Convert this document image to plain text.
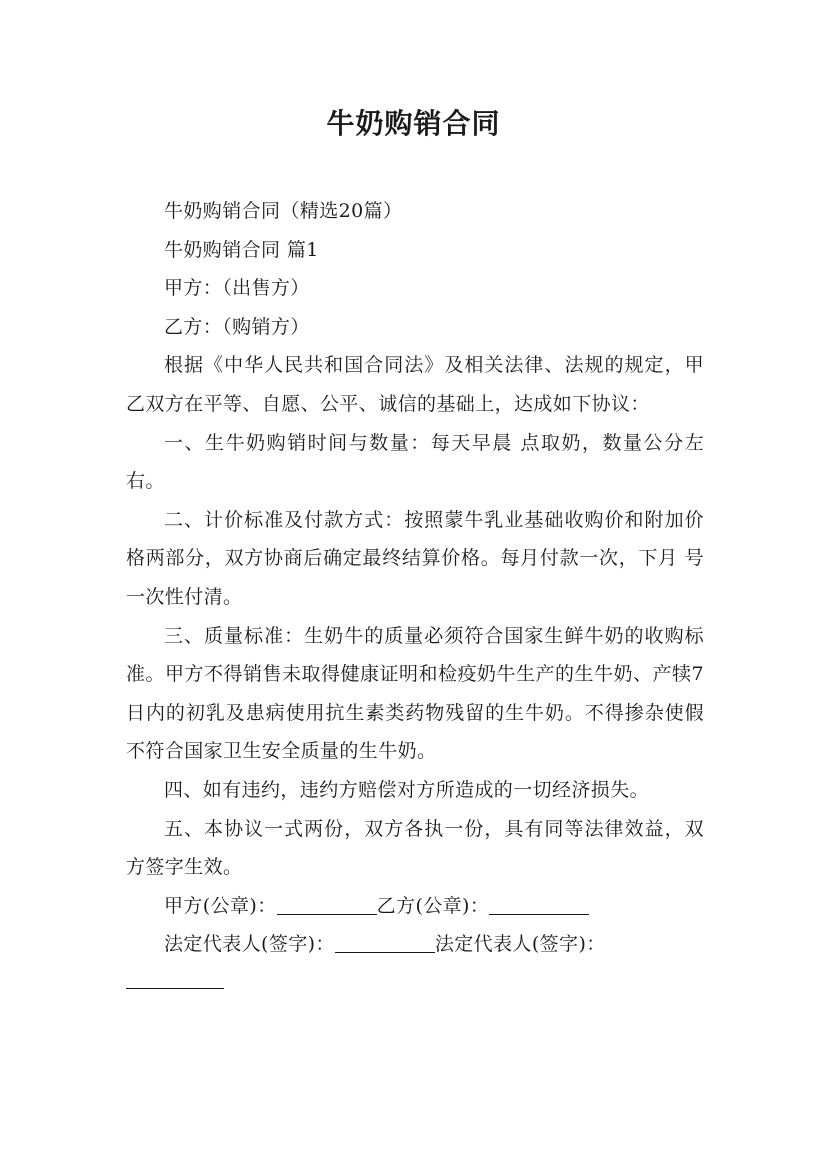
牛奶购销合同

牛奶购销合同（精选20篇）

牛奶购销合同 篇1

甲方：（出售方）

乙方：（购销方）

根据《中华人民共和国合同法》及相关法律、法规的规定，甲乙双方在平等、自愿、公平、诚信的基础上，达成如下协议：

一、生牛奶购销时间与数量：每天早晨 点取奶，数量公分左右。

二、计价标准及付款方式：按照蒙牛乳业基础收购价和附加价格两部分，双方协商后确定最终结算价格。每月付款一次，下月 号一次性付清。

三、质量标准：生奶牛的质量必须符合国家生鲜牛奶的收购标准。甲方不得销售未取得健康证明和检疫奶牛生产的生牛奶、产犊7日内的初乳及患病使用抗生素类药物残留的生牛奶。不得掺杂使假不符合国家卫生安全质量的生牛奶。

四、如有违约，违约方赔偿对方所造成的一切经济损失。

五、本协议一式两份，双方各执一份，具有同等法律效益，双方签字生效。

甲方(公章)：	乙方(公章)：

法定代表人(签字)：	法定代表人(签字)：
